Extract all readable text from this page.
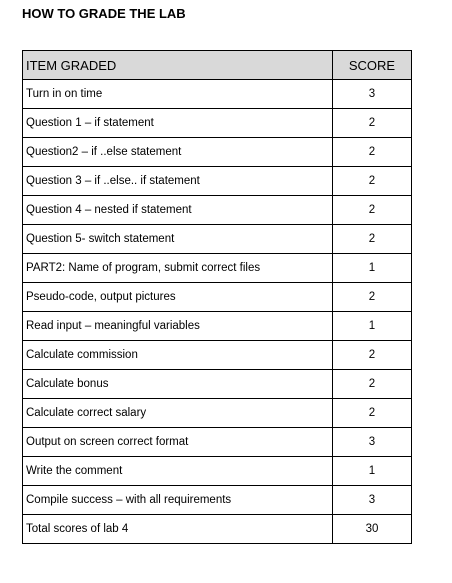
HOW TO GRADE THE LAB
ITEM GRADED	SCORE
Turn in on time	3
Question 1 – if statement	2
Question2 – if ..else statement	2
Question 3 – if ..else.. if statement	2
Question 4 – nested if statement	2
Question 5- switch statement	2
PART2: Name of program, submit correct files	1
Pseudo-code, output pictures	2
Read input – meaningful variables	1
Calculate commission	2
Calculate bonus	2
Calculate correct salary	2
Output on screen correct format	3
Write the comment	1
Compile success – with all requirements	3
Total scores of lab 4	30
